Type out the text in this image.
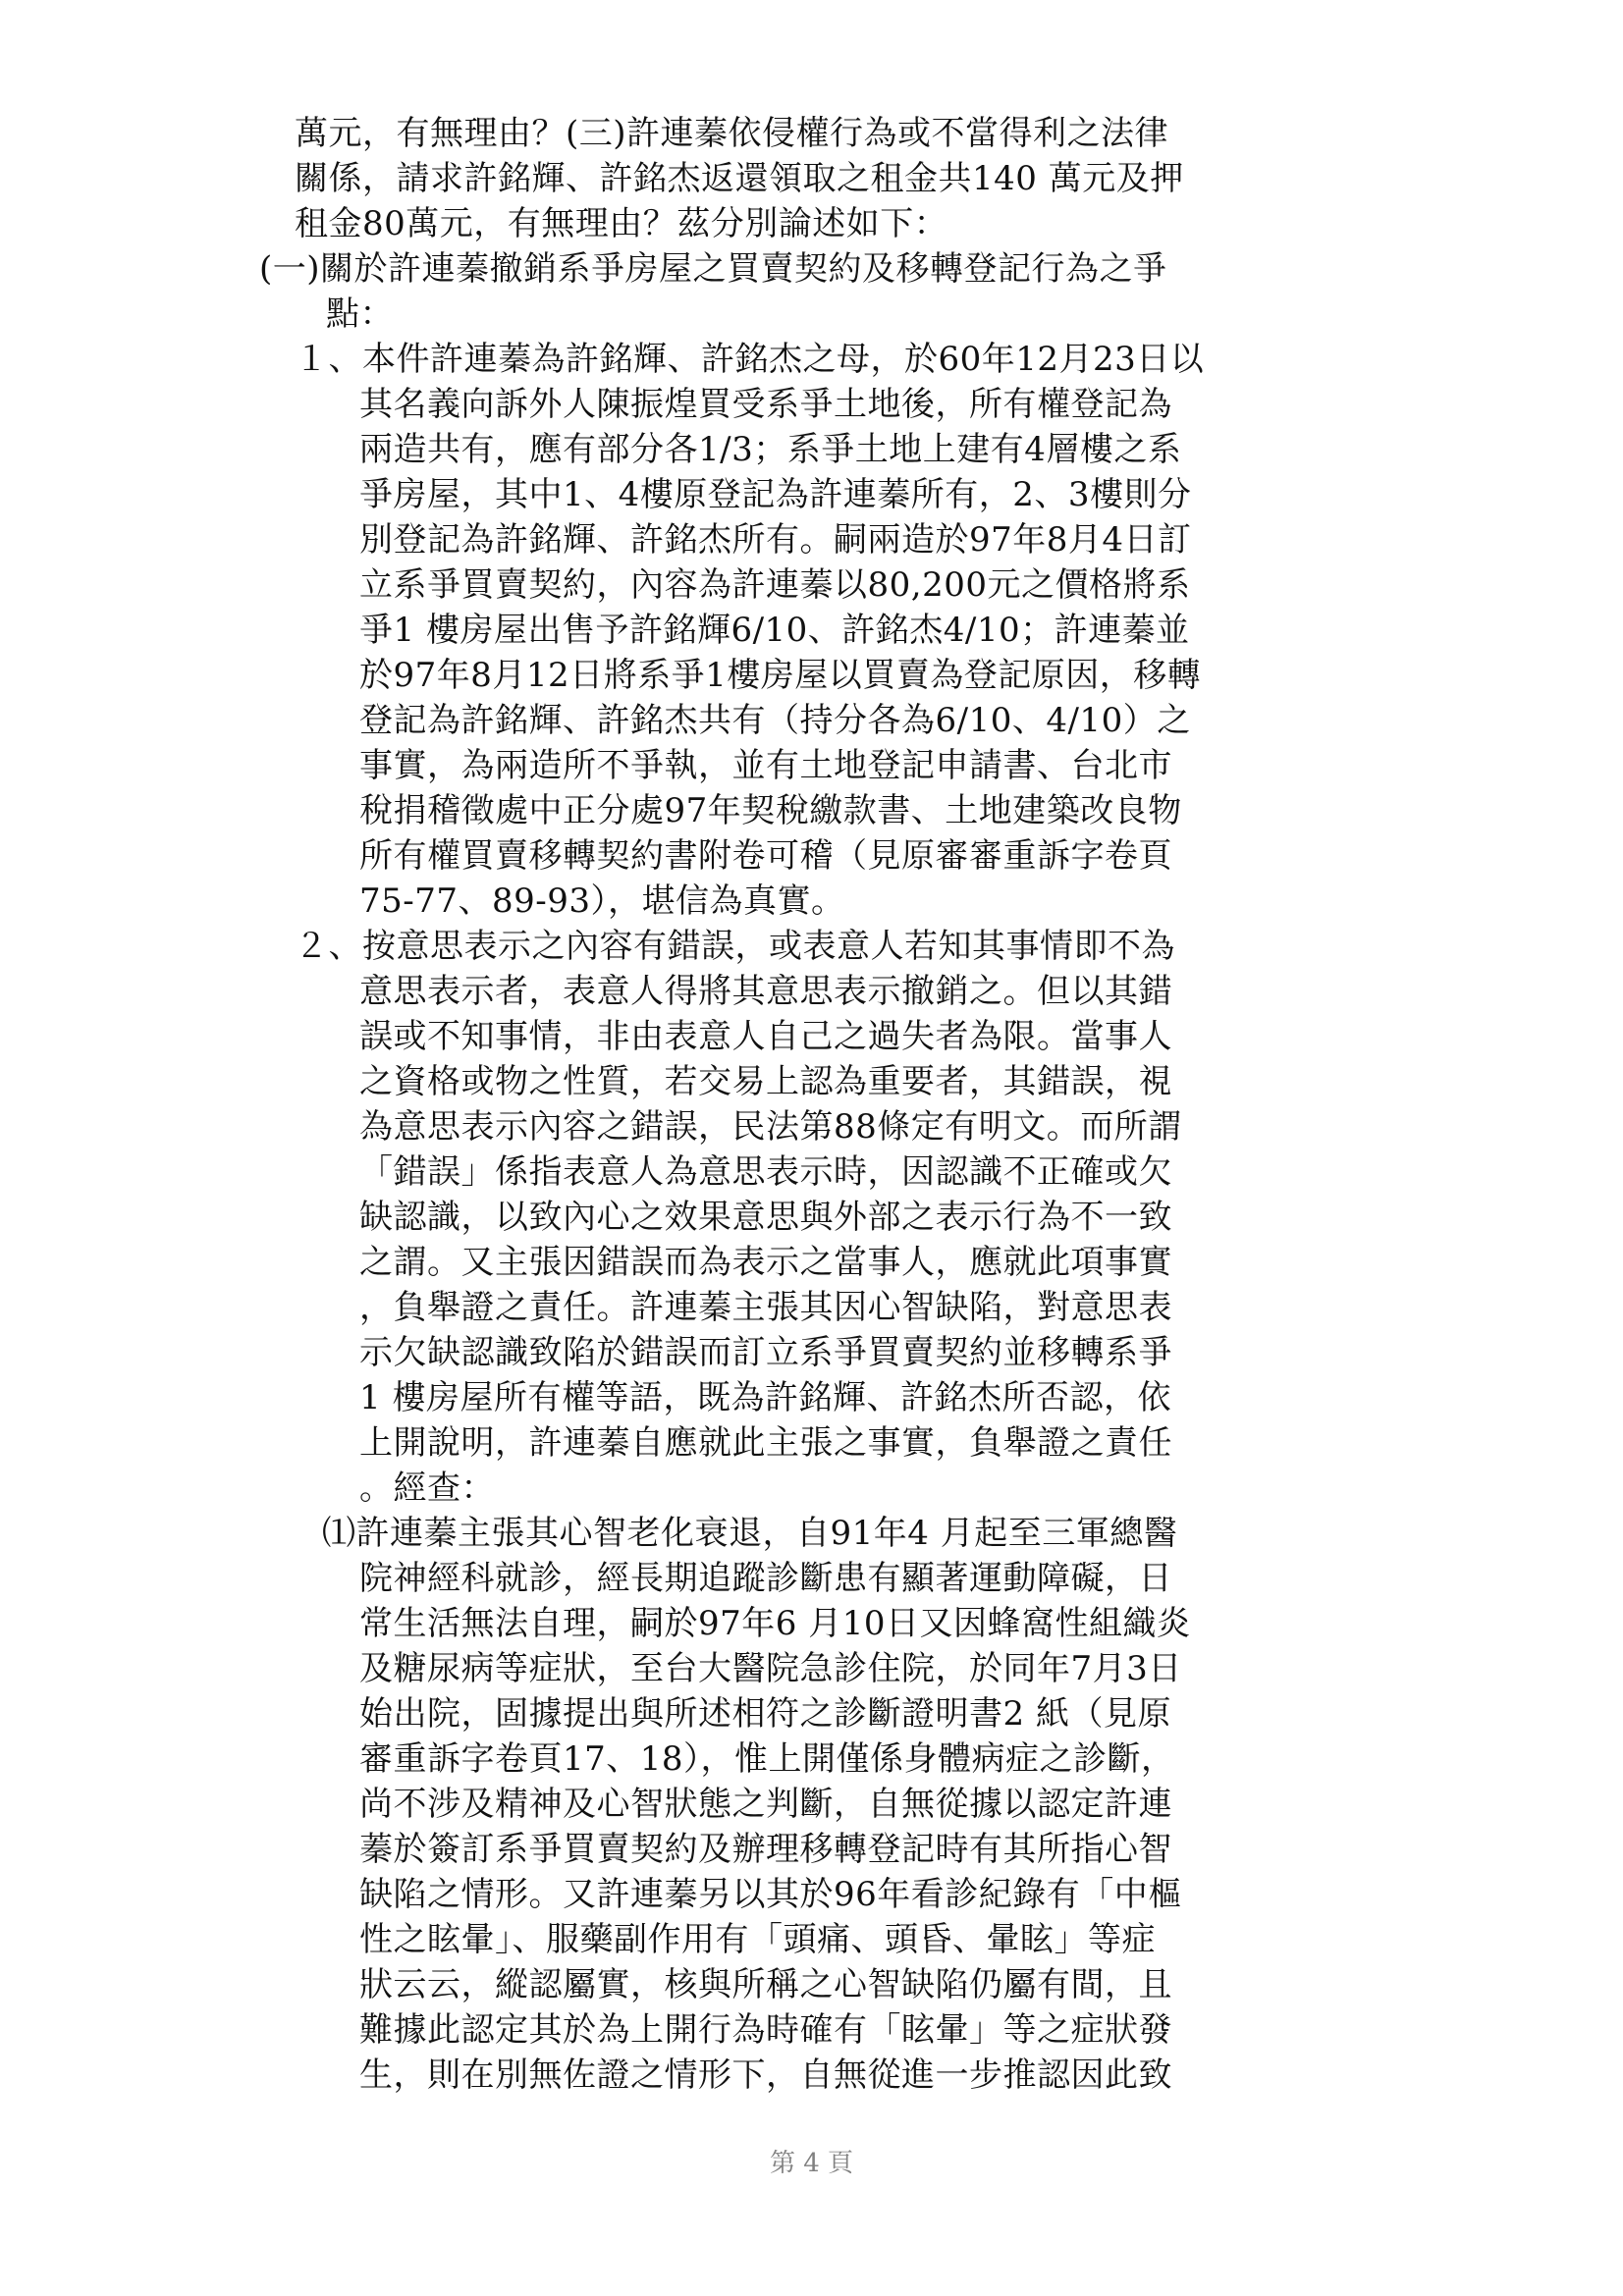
萬元，有無理由？(三)許連蓁依侵權行為或不當得利之法律
關係，請求許銘輝、許銘杰返還領取之租金共140 萬元及押
租金80萬元，有無理由？茲分別論述如下：
(一)關於許連蓁撤銷系爭房屋之買賣契約及移轉登記行為之爭
點：
１、本件許連蓁為許銘輝、許銘杰之母，於60年12月23日以
其名義向訴外人陳振煌買受系爭土地後，所有權登記為
兩造共有，應有部分各1/3；系爭土地上建有4層樓之系
爭房屋，其中1、4樓原登記為許連蓁所有，2、3樓則分
別登記為許銘輝、許銘杰所有。嗣兩造於97年8月4日訂
立系爭買賣契約，內容為許連蓁以80,200元之價格將系
爭1 樓房屋出售予許銘輝6/10、許銘杰4/10；許連蓁並
於97年8月12日將系爭1樓房屋以買賣為登記原因，移轉
登記為許銘輝、許銘杰共有（持分各為6/10、4/10）之
事實，為兩造所不爭執，並有土地登記申請書、台北市
稅捐稽徵處中正分處97年契稅繳款書、土地建築改良物
所有權買賣移轉契約書附卷可稽（見原審審重訴字卷頁
75-77、89-93），堪信為真實。
２、按意思表示之內容有錯誤，或表意人若知其事情即不為
意思表示者，表意人得將其意思表示撤銷之。但以其錯
誤或不知事情，非由表意人自己之過失者為限。當事人
之資格或物之性質，若交易上認為重要者，其錯誤，視
為意思表示內容之錯誤，民法第88條定有明文。而所謂
「錯誤」係指表意人為意思表示時，因認識不正確或欠
缺認識，以致內心之效果意思與外部之表示行為不一致
之謂。又主張因錯誤而為表示之當事人，應就此項事實
，負舉證之責任。許連蓁主張其因心智缺陷，對意思表
示欠缺認識致陷於錯誤而訂立系爭買賣契約並移轉系爭
1 樓房屋所有權等語，既為許銘輝、許銘杰所否認，依
上開說明，許連蓁自應就此主張之事實，負舉證之責任
。經查：
⑴許連蓁主張其心智老化衰退，自91年4 月起至三軍總醫
院神經科就診，經長期追蹤診斷患有顯著運動障礙，日
常生活無法自理，嗣於97年6 月10日又因蜂窩性組織炎
及糖尿病等症狀，至台大醫院急診住院，於同年7月3日
始出院，固據提出與所述相符之診斷證明書2 紙（見原
審重訴字卷頁17、18），惟上開僅係身體病症之診斷，
尚不涉及精神及心智狀態之判斷，自無從據以認定許連
蓁於簽訂系爭買賣契約及辦理移轉登記時有其所指心智
缺陷之情形。又許連蓁另以其於96年看診紀錄有「中樞
性之眩暈」、服藥副作用有「頭痛、頭昏、暈眩」等症
狀云云，縱認屬實，核與所稱之心智缺陷仍屬有間，且
難據此認定其於為上開行為時確有「眩暈」等之症狀發
生，則在別無佐證之情形下，自無從進一步推認因此致
第 4 頁
